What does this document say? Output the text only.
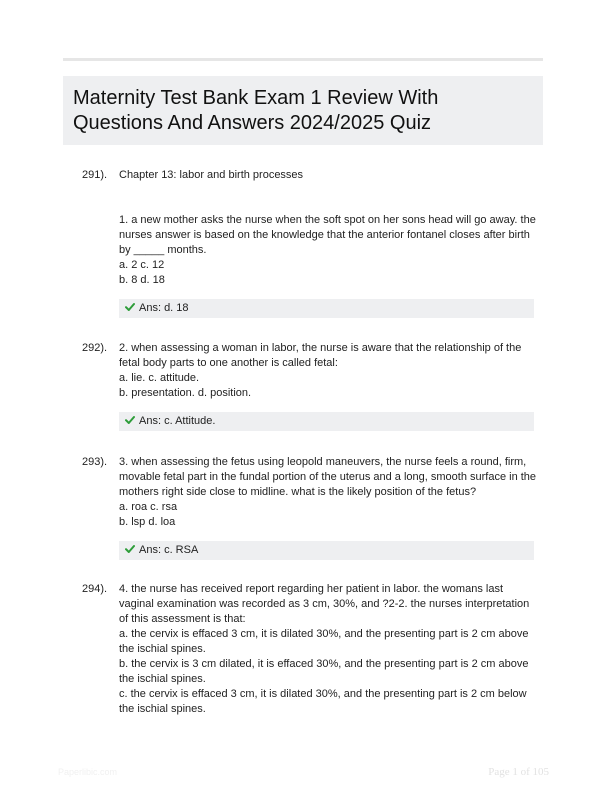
Maternity Test Bank Exam 1 Review With Questions And Answers 2024/2025 Quiz
291). Chapter 13: labor and birth processes

1. a new mother asks the nurse when the soft spot on her sons head will go away. the nurses answer is based on the knowledge that the anterior fontanel closes after birth by _____ months.

a. 2 c. 12

b. 8 d. 18

Ans: d. 18
292). 2. when assessing a woman in labor, the nurse is aware that the relationship of the fetal body parts to one another is called fetal:

a. lie. c. attitude.

b. presentation. d. position.

Ans: c. Attitude.
293). 3. when assessing the fetus using leopold maneuvers, the nurse feels a round, firm, movable fetal part in the fundal portion of the uterus and a long, smooth surface in the mothers right side close to midline. what is the likely position of the fetus?

a. roa c. rsa

b. lsp d. loa

Ans: c. RSA
294). 4. the nurse has received report regarding her patient in labor. the womans last vaginal examination was recorded as 3 cm, 30%, and ?2-2. the nurses interpretation of this assessment is that:

a. the cervix is effaced 3 cm, it is dilated 30%, and the presenting part is 2 cm above the ischial spines.

b. the cervix is 3 cm dilated, it is effaced 30%, and the presenting part is 2 cm above the ischial spines.

c. the cervix is effaced 3 cm, it is dilated 30%, and the presenting part is 2 cm below the ischial spines.

Paperlibic.com	Page 1 of 105
